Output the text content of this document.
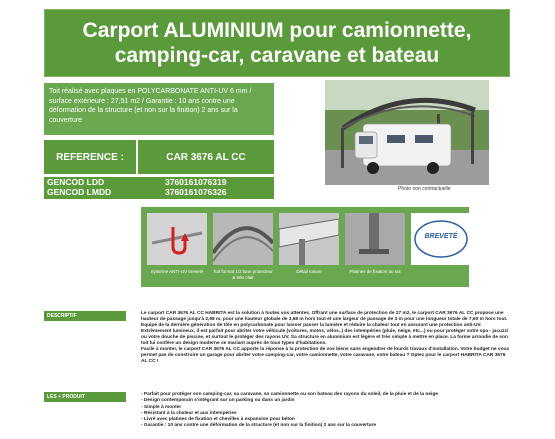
Carport ALUMINIUM pour camionnette, camping-car, caravane et bateau
Toit réalisé avec plaques en POLYCARBONATE ANTI-UV 6 mm / surface extérieure : 27,51 m2 / Garantie : 10 ans contre une déformation de la structure (et non sur la finition) 2 ans sur la couverture
REFERENCE :	CAR 3676 AL CC
GENCOD LDD	3760161076319
GENCOD LMDD	3760161076326	Photo non contractuelle
Systeme ANTI-UV breveté	Toit format 1/2 lune protecteur & très clair
Détail toiture	Platines de fixation au sol
BREVETÉ
DESCRIPTIF	Le carport CAR 3676 AL CC HABRITA est la solution à toutes vos attentes. Offrant une surface de protection de 27 m2, le carport CAR 3676 AL CC propose une hauteur de passage jusqu'à 2,98 m, pour une hauteur globale de 3,68 m hors tout et une largeur de passage de 3 m pour une longueur totale de 7,60 m hors tout. Equipé de la dernière génération de tôle en polycarbonate pour laisser passer la lumière et réduire la chaleur tout en assurant une protection anti-UV. Extrêmement lumineux, il est parfait pour abriter votre véhicule (voitures, motos, vélos..) des intempéries (pluie, neige, etc...) ou pour protéger votre spa - jacuzzi ou votre douche de piscine, et surtout le protéger des rayons UV. Sa structure en aluminium est légère et très simple à mettre en place. La forme arrondie de son toit lui confère un design moderne se mariant auprès de tous types d'habitations.

Facile à monter, le carport CAR 3676 AL CC apporte la réponse à la protection de vos biens sans engendrer de lourds travaux d'installation. Votre budget ne vous permet pas de construire un garage pour abriter votre camping-car, votre camionnette, votre caravane, votre bateau ? Optez pour le carport HABRITA CAR 3676 AL CC !

LES + PRODUIT	- Parfait pour protéger son camping-car, sa caravane, sa camionnette ou son bateau des rayons du soleil, de la pluie et de la neige
- Design contemporain s'intégrant sur un parking ou dans un jardin
- Simple à monter
- Résistant à la chaleur et aux intempéries
- Livré avec platines de fixation et chevilles à expansion pour béton
- Garantie : 10 ans contre une déformation de la structure (et non sur la finition) 2 ans sur la couverture
